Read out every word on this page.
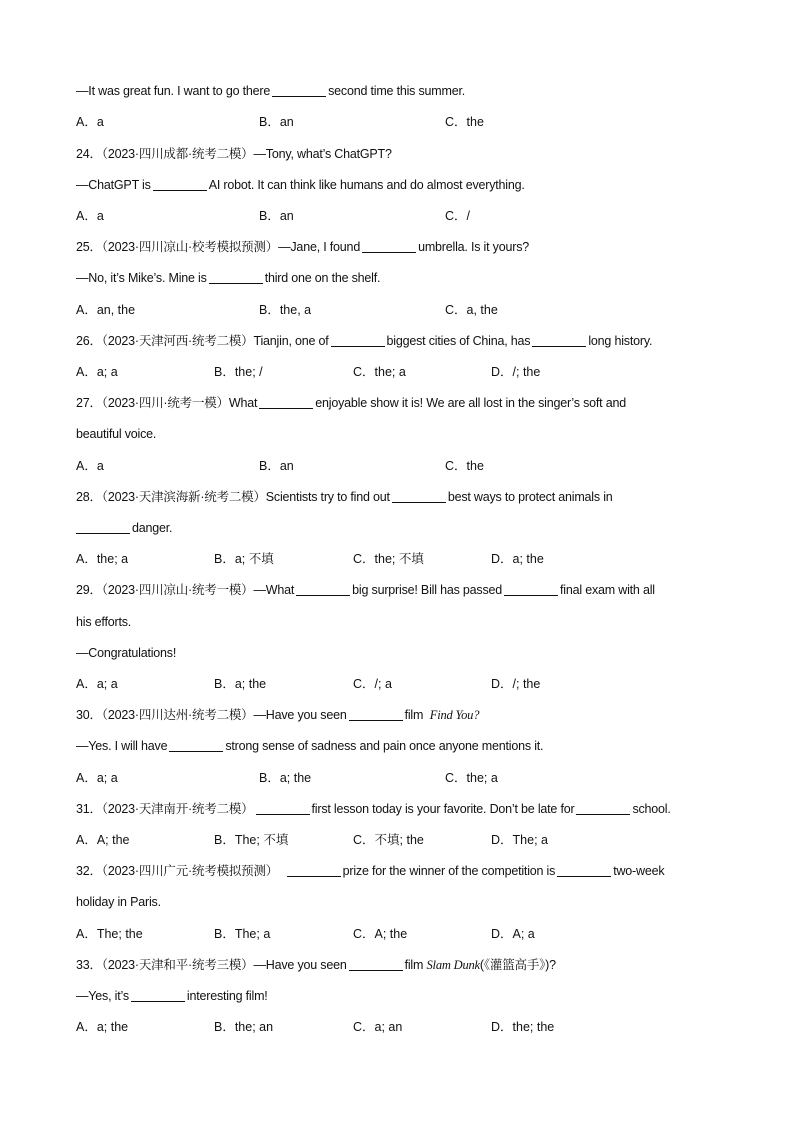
—It was great fun. I want to go there	second time this summer.
A．a	B．an	C．the
24．（2023·四川成都·统考二模）—Tony, what’s ChatGPT?
—ChatGPT is	AI robot. It can think like humans and do almost everything.
A．a	B．an	C．/
25．（2023·四川凉山·校考模拟预测）—Jane, I found	umbrella. Is it yours?
—No, it’s Mike’s. Mine is	third one on the shelf.
A．an, the	B．the, a	C．a, the
26．（2023·天津河西·统考二模）Tianjin, one of	biggest cities of China, has	long history.
A．a; a	B．the; /	C．the; a	D．/; the
27．（2023·四川·统考一模）What	enjoyable show it is! We are all lost in the singer’s soft and
beautiful voice.
A．a	B．an	C．the
28．（2023·天津滨海新·统考二模）Scientists try to find out	best ways to protect animals in
danger.
A．the; a	B．a; 不填	C．the; 不填	D．a; the
29．（2023·四川凉山·统考一模）—What	big surprise! Bill has passed	final exam with all
his efforts.
—Congratulations!
A．a; a	B．a; the	C．/; a	D．/; the
30．（2023·四川达州·统考二模）—Have you seen	film Find You?
—Yes. I will have	strong sense of sadness and pain once anyone mentions it.
A．a; a	B．a; the	C．the; a
31．（2023·天津南开·统考二模）	first lesson today is your favorite. Don’t be late for	school.
A．A; the	B．The; 不填	C．不填; the	D．The; a
32．（2023·四川广元·统考模拟预测）	prize for the winner of the competition is	two-week
holiday in Paris.
A．The; the	B．The; a	C．A; the	D．A; a
33．（2023·天津和平·统考三模）—Have you seen	film Slam Dunk(《灌篮高手》)?
—Yes, it’s	interesting film!
A．a; the	B．the; an	C．a; an	D．the; the
